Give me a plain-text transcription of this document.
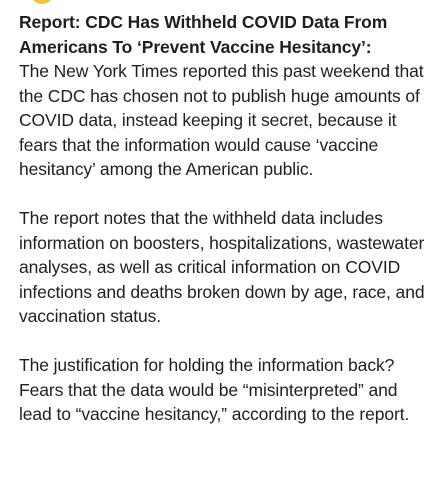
Report: CDC Has Withheld COVID Data From Americans To ‘Prevent Vaccine Hesitancy’:

The New York Times reported this past weekend that the CDC has chosen not to publish huge amounts of COVID data, instead keeping it secret, because it fears that the information would cause ‘vaccine hesitancy’ among the American public.

The report notes that the withheld data includes information on boosters, hospitalizations, wastewater analyses, as well as critical information on COVID infections and deaths broken down by age, race, and vaccination status.

The justification for holding the information back? Fears that the data would be “misinterpreted” and lead to “vaccine hesitancy,” according to the report.
